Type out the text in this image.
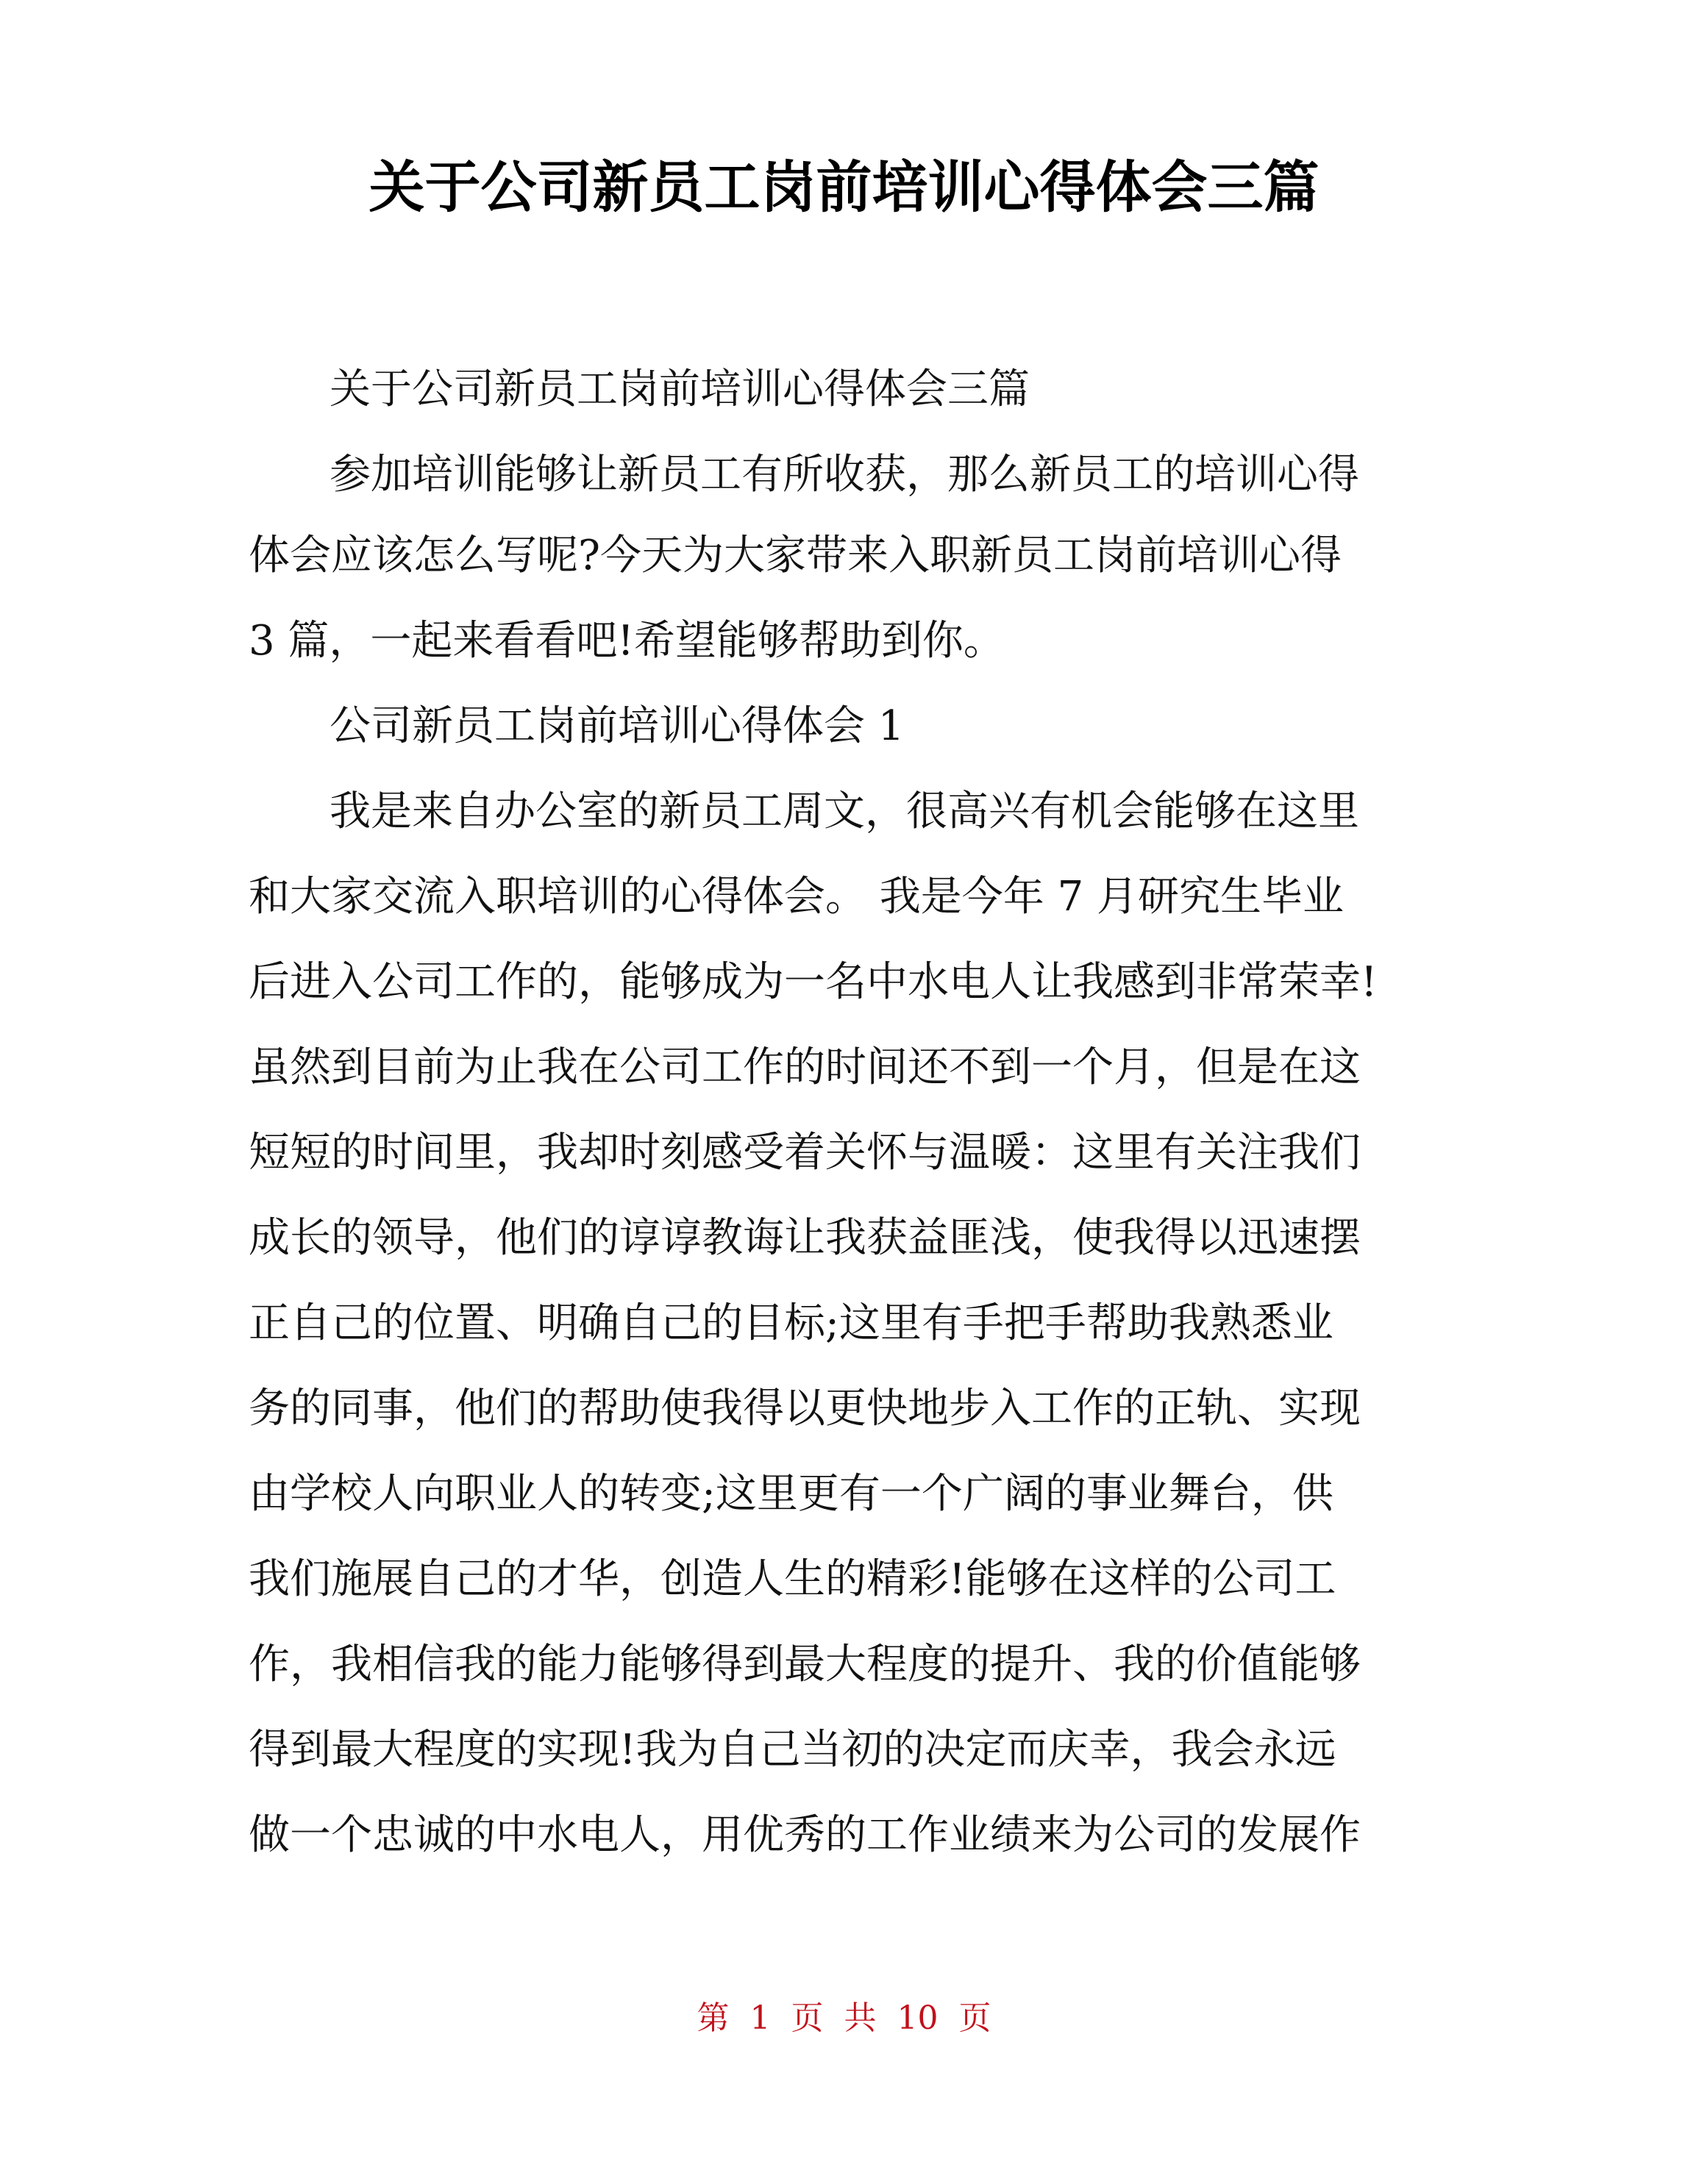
关于公司新员工岗前培训心得体会三篇
关于公司新员工岗前培训心得体会三篇
参加培训能够让新员工有所收获，那么新员工的培训心得
体会应该怎么写呢?今天为大家带来入职新员工岗前培训心得
3 篇，一起来看看吧!希望能够帮助到你。
公司新员工岗前培训心得体会 1
我是来自办公室的新员工周文，很高兴有机会能够在这里
和大家交流入职培训的心得体会。 我是今年 7 月研究生毕业
后进入公司工作的，能够成为一名中水电人让我感到非常荣幸!
虽然到目前为止我在公司工作的时间还不到一个月，但是在这
短短的时间里，我却时刻感受着关怀与温暖：这里有关注我们
成长的领导，他们的谆谆教诲让我获益匪浅，使我得以迅速摆
正自己的位置、明确自己的目标;这里有手把手帮助我熟悉业
务的同事，他们的帮助使我得以更快地步入工作的正轨、实现
由学校人向职业人的转变;这里更有一个广阔的事业舞台，供
我们施展自己的才华，创造人生的精彩!能够在这样的公司工
作，我相信我的能力能够得到最大程度的提升、我的价值能够
得到最大程度的实现!我为自己当初的决定而庆幸，我会永远
做一个忠诚的中水电人，用优秀的工作业绩来为公司的发展作
第 1 页 共 10 页
